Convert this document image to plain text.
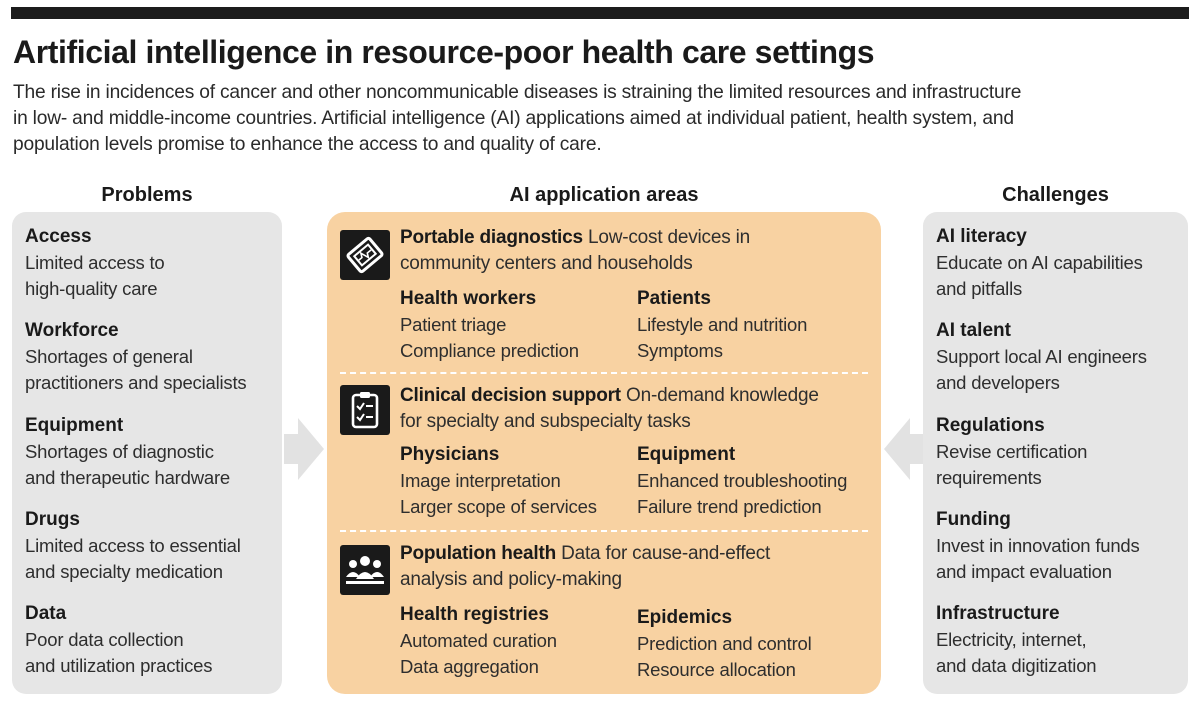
Artificial intelligence in resource-poor health care settings

The rise in incidences of cancer and other noncommunicable diseases is straining the limited resources and infrastructure

in low- and middle-income countries. Artificial intelligence (AI) applications aimed at individual patient, health system, and

population levels promise to enhance the access to and quality of care.

Problems	AI application areas	Challenges
Access
Limited access to
high-quality care
Workforce
Shortages of general
practitioners and specialists
Equipment
Shortages of diagnostic
and therapeutic hardware
Drugs
Limited access to essential
and specialty medication
Data
Poor data collection
and utilization practices
Portable diagnostics Low-cost devices in
community centers and households
Health workers
Patient triage
Compliance prediction
Patients
Lifestyle and nutrition
Symptoms
Clinical decision support On-demand knowledge
for specialty and subspecialty tasks
Physicians
Image interpretation
Larger scope of services
Equipment
Enhanced troubleshooting
Failure trend prediction
Population health Data for cause-and-effect
analysis and policy-making
Health registries
Automated curation
Data aggregation
Epidemics
Prediction and control
Resource allocation
AI literacy
Educate on AI capabilities
and pitfalls
AI talent
Support local AI engineers
and developers
Regulations
Revise certification
requirements
Funding
Invest in innovation funds
and impact evaluation
Infrastructure
Electricity, internet,
and data digitization
